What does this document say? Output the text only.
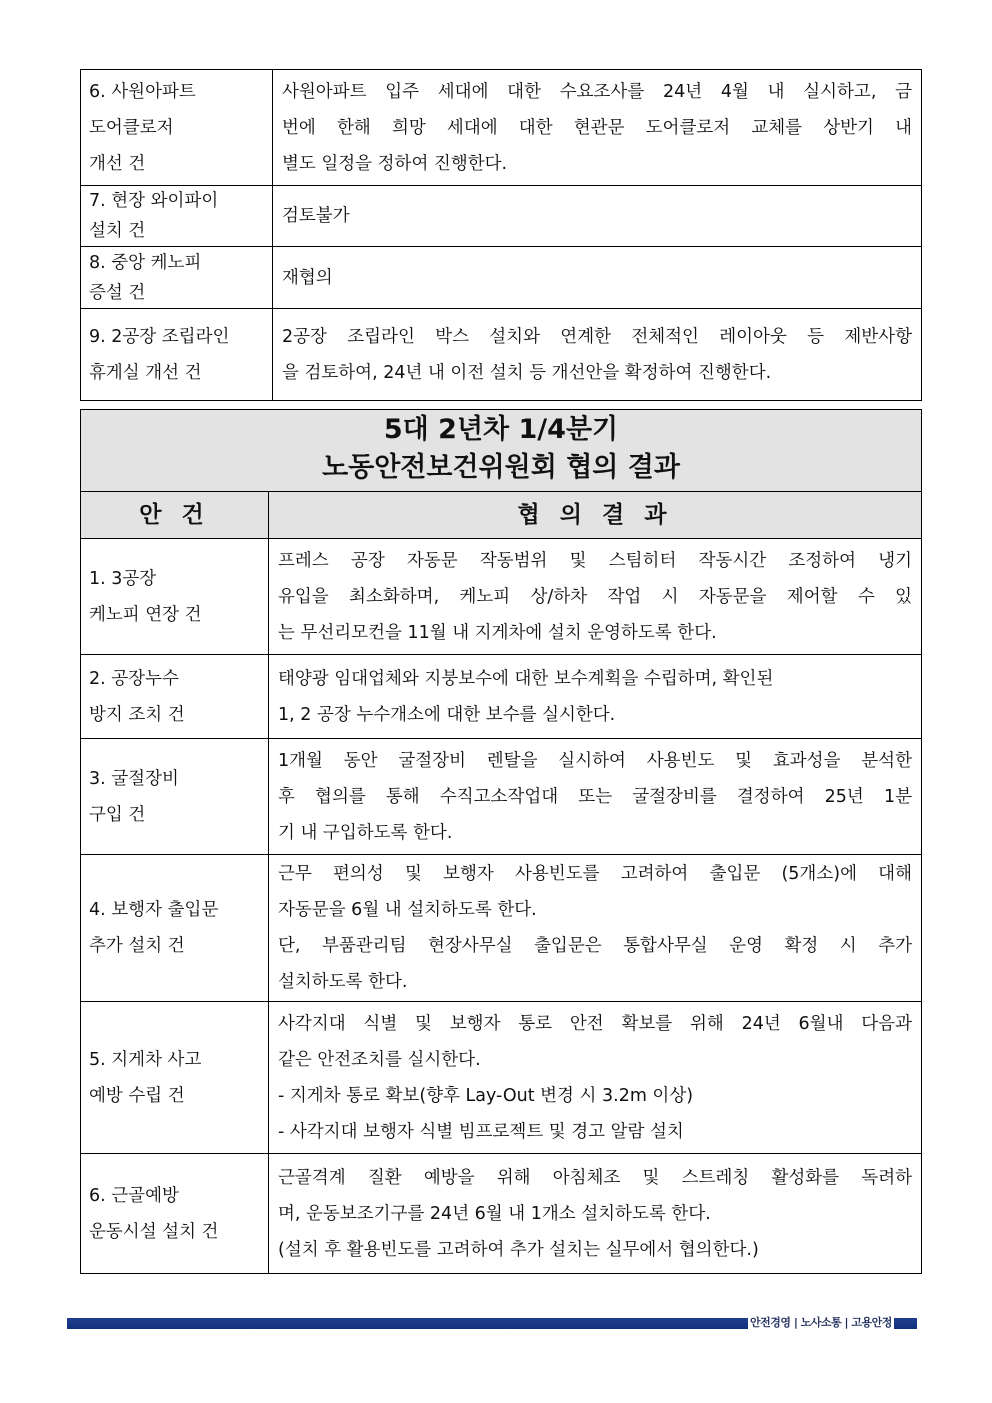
6. 사원아파트
도어클로저
개선 건	사원아파트 입주 세대에 대한 수요조사를 24년 4월 내 실시하고, 금
번에 한해 희망 세대에 대한 현관문 도어클로저 교체를 상반기 내
별도 일정을 정하여 진행한다.

7. 현장 와이파이
설치 건	검토불가

8. 중앙 케노피
증설 건	재협의

9. 2공장 조립라인
휴게실 개선 건	2공장 조립라인 박스 설치와 연계한 전체적인 레이아웃 등 제반사항
을 검토하여, 24년 내 이전 설치 등 개선안을 확정하여 진행한다.
5대 2년차 1/4분기
노동안전보건위원회 협의 결과	

안 건	협 의 결 과

1. 3공장
케노피 연장 건	프레스 공장 자동문 작동범위 및 스팀히터 작동시간 조정하여 냉기
유입을 최소화하며, 케노피 상/하차 작업 시 자동문을 제어할 수 있
는 무선리모컨을 11월 내 지게차에 설치 운영하도록 한다.

2. 공장누수
방지 조치 건	태양광 임대업체와 지붕보수에 대한 보수계획을 수립하며, 확인된
1, 2 공장 누수개소에 대한 보수를 실시한다.

3. 굴절장비
구입 건	1개월 동안 굴절장비 렌탈을 실시하여 사용빈도 및 효과성을 분석한
후 협의를 통해 수직고소작업대 또는 굴절장비를 결정하여 25년 1분
기 내 구입하도록 한다.

4. 보행자 출입문
추가 설치 건	근무 편의성 및 보행자 사용빈도를 고려하여 출입문 (5개소)에 대해
자동문을 6월 내 설치하도록 한다.
단, 부품관리팀 현장사무실 출입문은 통합사무실 운영 확정 시 추가
설치하도록 한다.

5. 지게차 사고
예방 수립 건	사각지대 식별 및 보행자 통로 안전 확보를 위해 24년 6월내 다음과
같은 안전조치를 실시한다.
- 지게차 통로 확보(향후 Lay-Out 변경 시 3.2m 이상)
- 사각지대 보행자 식별 빔프로젝트 및 경고 알람 설치

6. 근골예방
운동시설 설치 건	근골격계 질환 예방을 위해 아침체조 및 스트레칭 활성화를 독려하
며, 운동보조기구를 24년 6월 내 1개소 설치하도록 한다.
(설치 후 활용빈도를 고려하여 추가 설치는 실무에서 협의한다.)
안전경영 | 노사소통 | 고용안정
